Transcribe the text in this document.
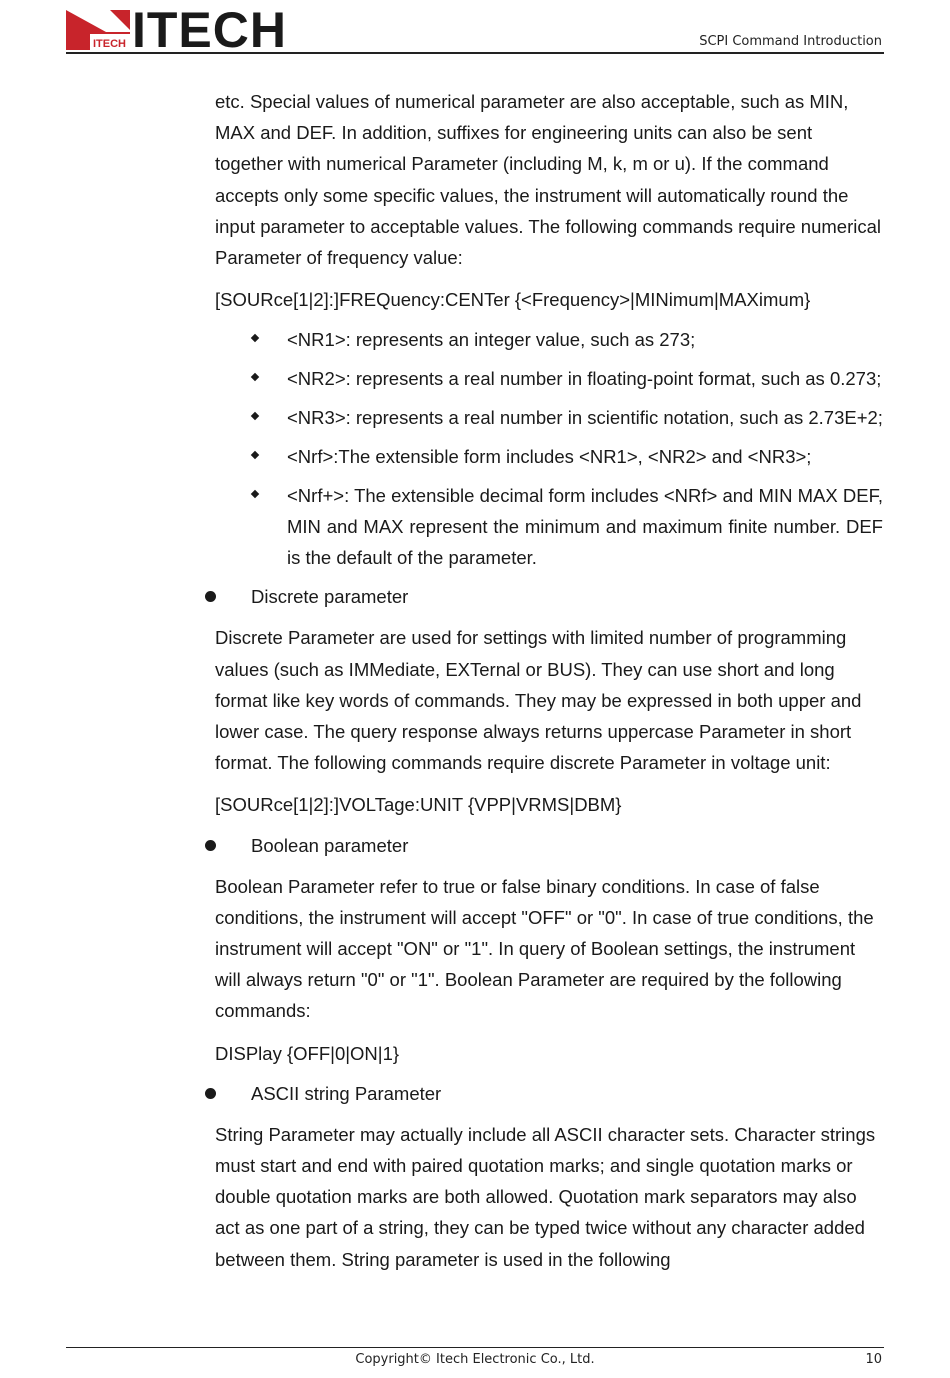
ITECH ITECH	SCPI Command Introduction

etc. Special values of numerical parameter are also acceptable, such as MIN, MAX and DEF. In addition, suffixes for engineering units can also be sent together with numerical Parameter (including M, k, m or u). If the command accepts only some specific values, the instrument will automatically round the input parameter to acceptable values. The following commands require numerical Parameter of frequency value:

[SOURce[1|2]:]FREQuency:CENTer {<Frequency>|MINimum|MAXimum}

<NR1>: represents an integer value, such as 273;
<NR2>: represents a real number in floating-point format, such as 0.273;
<NR3>: represents a real number in scientific notation, such as 2.73E+2;
<Nrf>:The extensible form includes <NR1>, <NR2> and <NR3>;
<Nrf+>: The extensible decimal form includes <NRf> and MIN MAX DEF, MIN and MAX represent the minimum and maximum finite number. DEF is the default of the parameter.
Discrete parameter

Discrete Parameter are used for settings with limited number of programming values (such as IMMediate, EXTernal or BUS). They can use short and long format like key words of commands. They may be expressed in both upper and lower case. The query response always returns uppercase Parameter in short format. The following commands require discrete Parameter in voltage unit:

[SOURce[1|2]:]VOLTage:UNIT {VPP|VRMS|DBM}

Boolean parameter

Boolean Parameter refer to true or false binary conditions. In case of false conditions, the instrument will accept "OFF" or "0". In case of true conditions, the instrument will accept "ON" or "1". In query of Boolean settings, the instrument will always return "0" or "1". Boolean Parameter are required by the following commands:

DISPlay {OFF|0|ON|1}

ASCII string Parameter

String Parameter may actually include all ASCII character sets. Character strings must start and end with paired quotation marks; and single quotation marks or double quotation marks are both allowed. Quotation mark separators may also act as one part of a string, they can be typed twice without any character added between them. String parameter is used in the following

Copyright© Itech Electronic Co., Ltd.	10
